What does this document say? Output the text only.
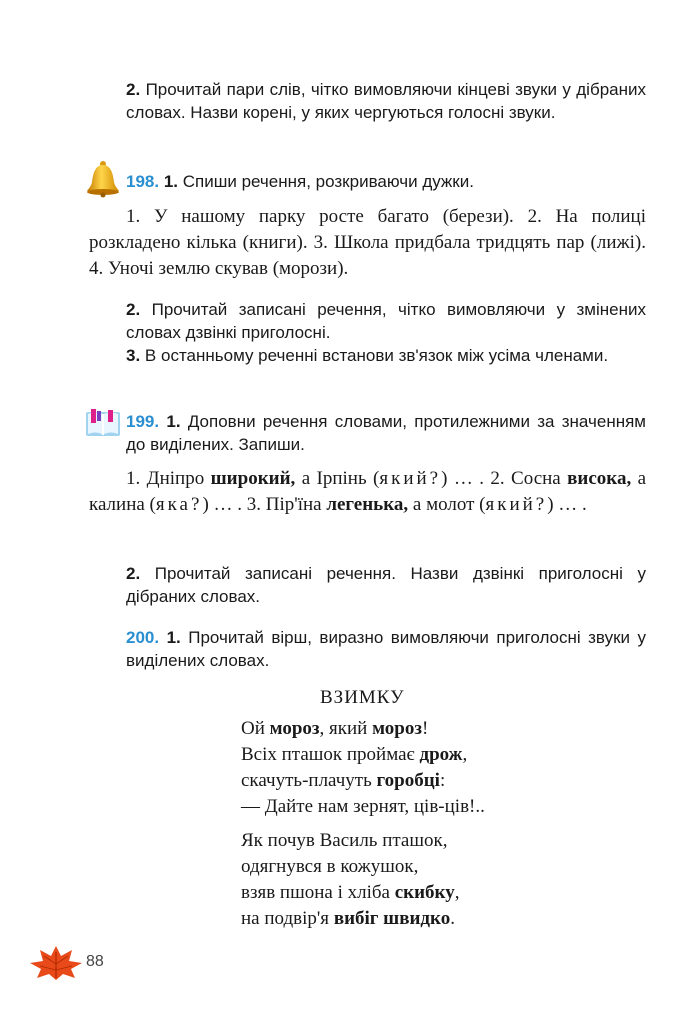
2. Прочитай пари слів, чітко вимовляючи кінцеві звуки у дібраних словах. Назви корені, у яких чергуються голосні звуки.
198. 1. Спиши речення, розкриваючи дужки.
1. У нашому парку росте багато (берези). 2. На полиці розкладено кілька (книги). 3. Школа придбала тридцять пар (лижі). 4. Уночі землю скував (морози).
2. Прочитай записані речення, чітко вимовляючи у змінених словах дзвінкі приголосні.
3. В останньому реченні встанови зв'язок між усіма членами.
199. 1. Доповни речення словами, протилежними за значенням до виділених. Запиши.
1. Дніпро широкий, а Ірпінь (який?) … . 2. Сосна висока, а калина (яка?) … . 3. Пір'їна легенька, а молот (який?) … .
2. Прочитай записані речення. Назви дзвінкі приголосні у дібраних словах.
200. 1. Прочитай вірш, виразно вимовляючи приголосні звуки у виділених словах.
ВЗИМКУ
Ой мороз, який мороз!
Всіх пташок проймає дрож,
скачуть-плачуть горобці:
— Дайте нам зернят, ців-ців!..
Як почув Василь пташок,
одягнувся в кожушок,
взяв пшона і хліба скибку,
на подвір'я вибіг швидко.
88
